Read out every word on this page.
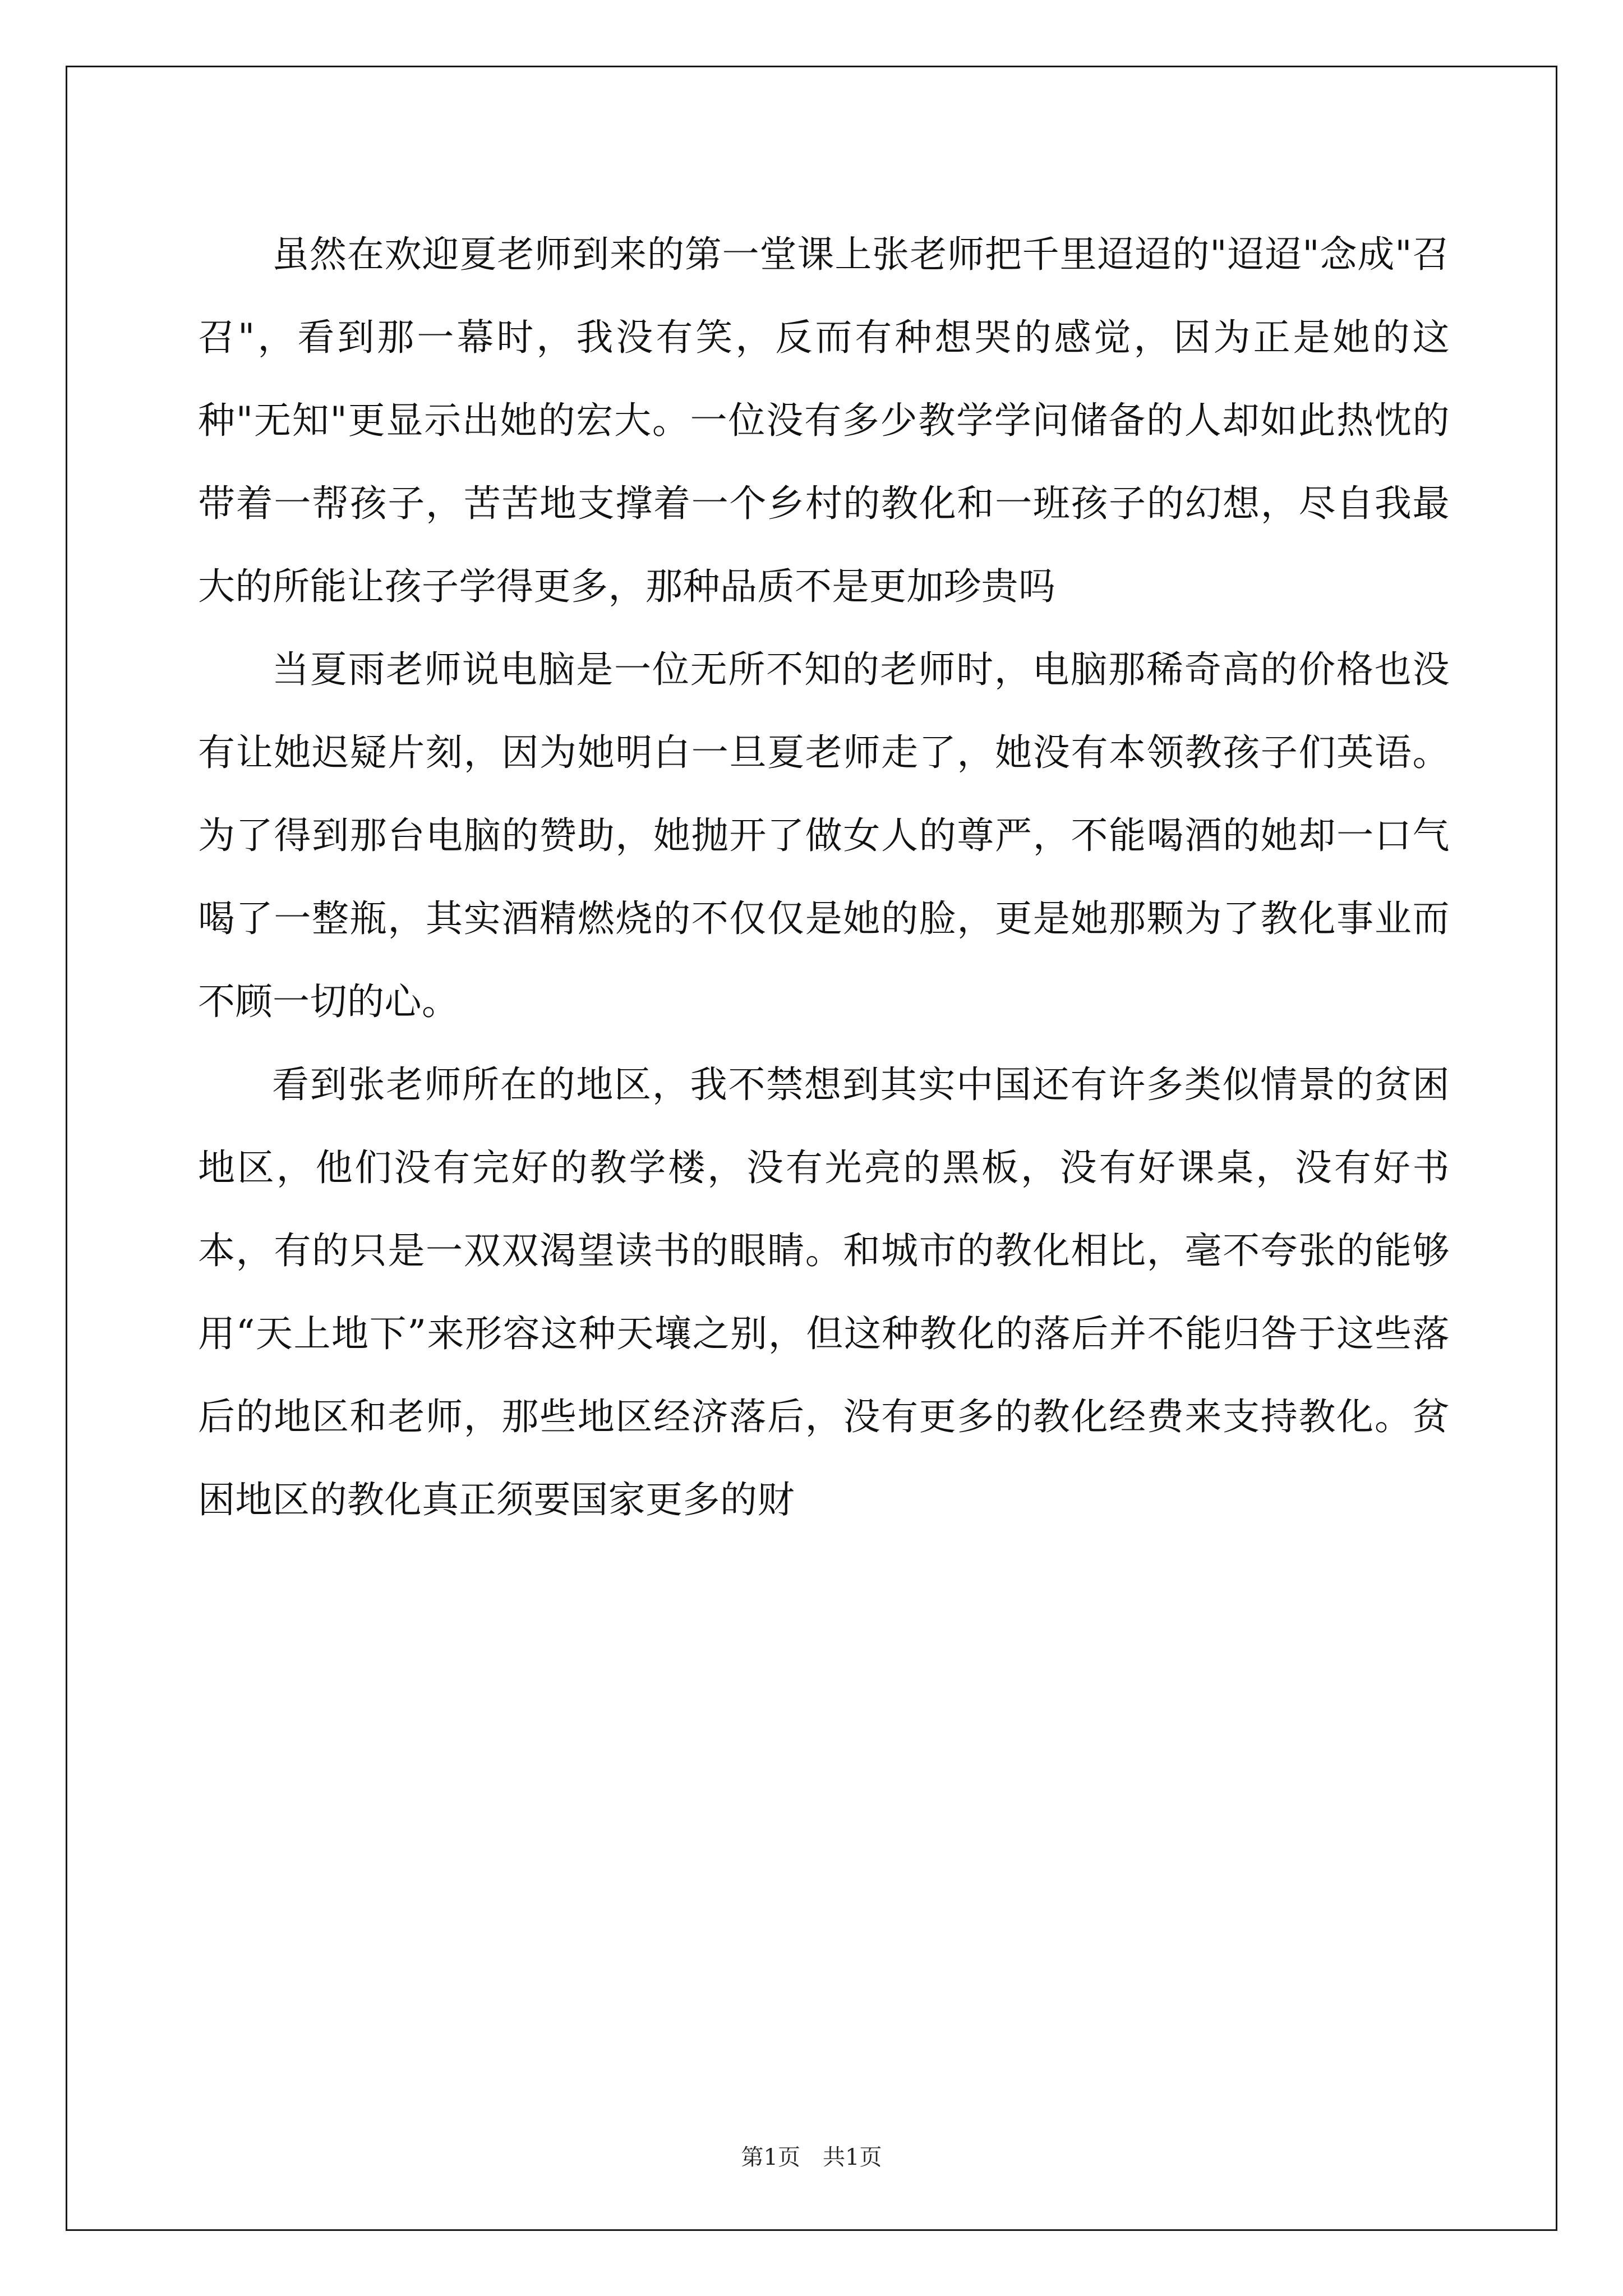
虽然在欢迎夏老师到来的第一堂课上张老师把千里迢迢的"迢迢"念成"召召"，看到那一幕时，我没有笑，反而有种想哭的感觉，因为正是她的这种"无知"更显示出她的宏大。一位没有多少教学学问储备的人却如此热忱的带着一帮孩子，苦苦地支撑着一个乡村的教化和一班孩子的幻想，尽自我最大的所能让孩子学得更多，那种品质不是更加珍贵吗

当夏雨老师说电脑是一位无所不知的老师时，电脑那稀奇高的价格也没有让她迟疑片刻，因为她明白一旦夏老师走了，她没有本领教孩子们英语。为了得到那台电脑的赞助，她抛开了做女人的尊严，不能喝酒的她却一口气喝了一整瓶，其实酒精燃烧的不仅仅是她的脸，更是她那颗为了教化事业而不顾一切的心。

看到张老师所在的地区，我不禁想到其实中国还有许多类似情景的贫困地区，他们没有完好的教学楼，没有光亮的黑板，没有好课桌，没有好书本，有的只是一双双渴望读书的眼睛。和城市的教化相比，毫不夸张的能够用“天上地下”来形容这种天壤之别，但这种教化的落后并不能归咎于这些落后的地区和老师，那些地区经济落后，没有更多的教化经费来支持教化。贫困地区的教化真正须要国家更多的财

第1页 共1页
